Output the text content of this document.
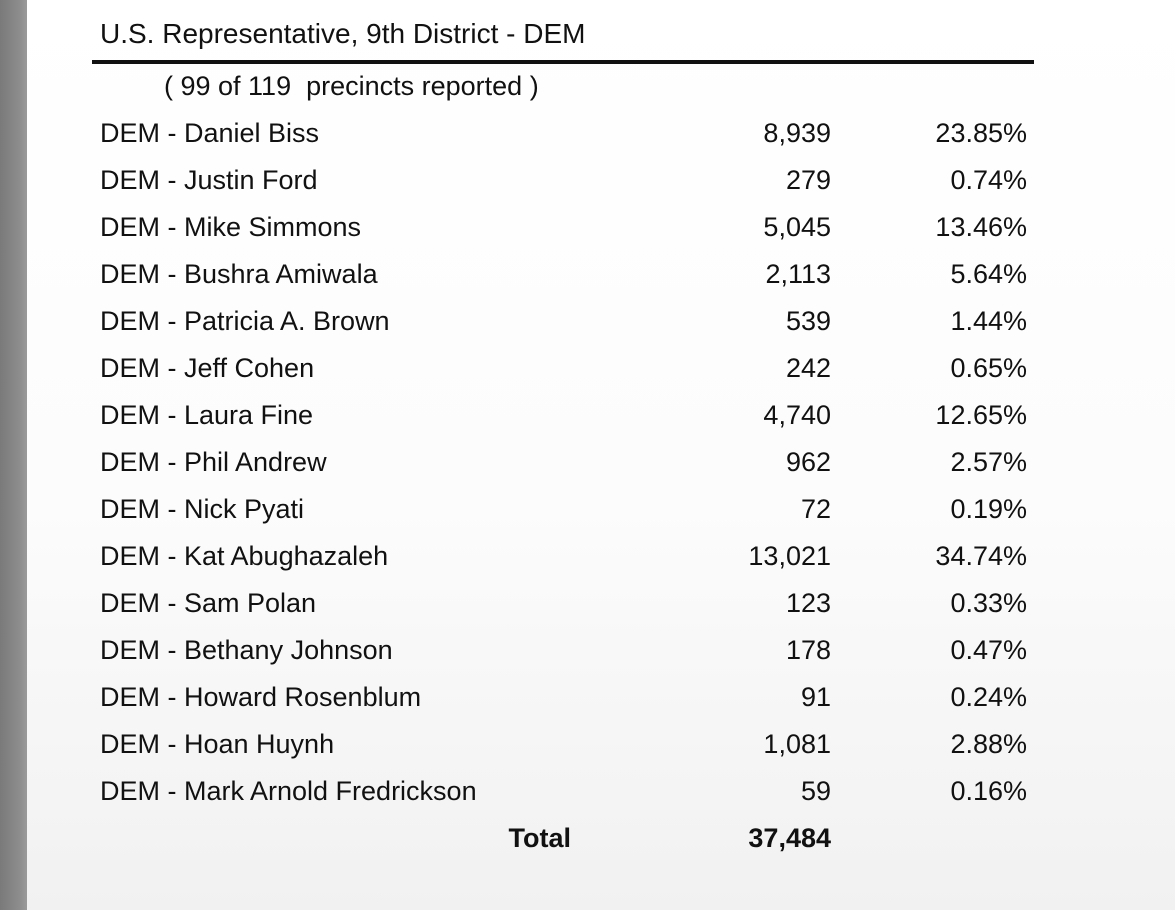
U.S. Representative, 9th District - DEM
( 99 of 119  precincts reported )
DEM - Daniel Biss	8,939	23.85%
DEM - Justin Ford	279	0.74%
DEM - Mike Simmons	5,045	13.46%
DEM - Bushra Amiwala	2,113	5.64%
DEM - Patricia A. Brown	539	1.44%
DEM - Jeff Cohen	242	0.65%
DEM - Laura Fine	4,740	12.65%
DEM - Phil Andrew	962	2.57%
DEM - Nick Pyati	72	0.19%
DEM - Kat Abughazaleh	13,021	34.74%
DEM - Sam Polan	123	0.33%
DEM - Bethany Johnson	178	0.47%
DEM - Howard Rosenblum	91	0.24%
DEM - Hoan Huynh	1,081	2.88%
DEM - Mark Arnold Fredrickson	59	0.16%
Total	37,484
